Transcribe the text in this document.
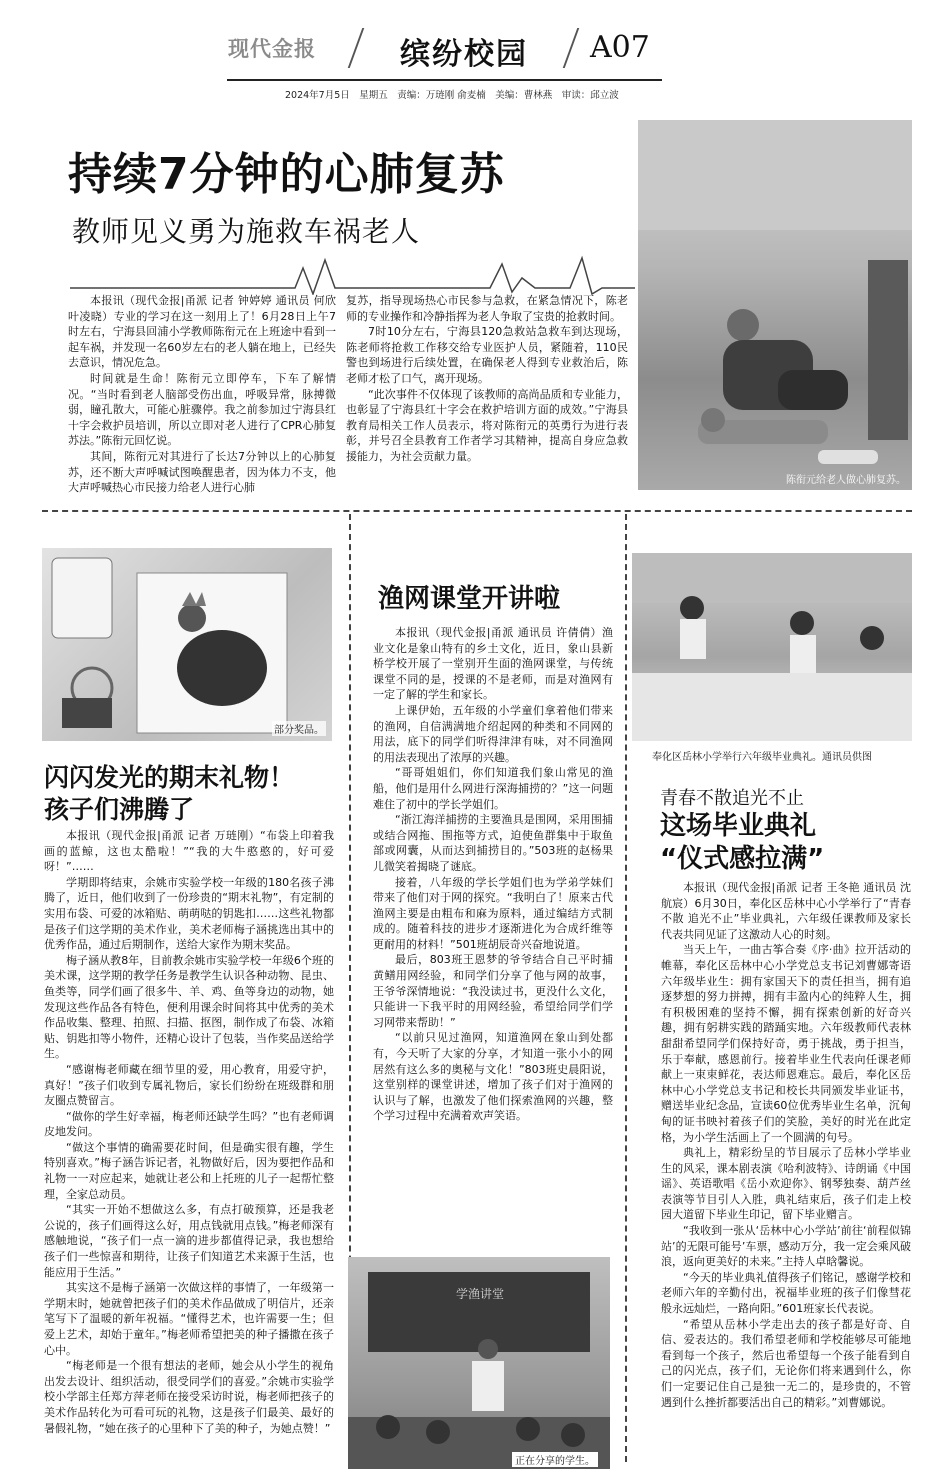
现代金报	缤纷校园 A07
2024年7月5日　星期五　责编：万琏刚 俞麦楠　美编：曹林燕　审读：邱立波
持续7分钟的心肺复苏
教师见义勇为施救车祸老人

本报讯（现代金报|甬派 记者 钟婷婷 通讯员 何欣 叶凌晓）专业的学习在这一刻用上了！6月28日上午7时左右，宁海县回浦小学教师陈衔元在上班途中看到一起车祸，并发现一名60岁左右的老人躺在地上，已经失去意识，情况危急。

时间就是生命！陈衔元立即停车，下车了解情况。“当时看到老人脑部受伤出血，呼吸异常，脉搏微弱，瞳孔散大，可能心脏骤停。我之前参加过宁海县红十字会救护员培训，所以立即对老人进行了CPR心肺复苏法。”陈衔元回忆说。

其间，陈衔元对其进行了长达7分钟以上的心肺复苏，还不断大声呼喊试图唤醒患者，因为体力不支，他大声呼喊热心市民接力给老人进行心肺

复苏，指导现场热心市民参与急救，在紧急情况下，陈老师的专业操作和冷静指挥为老人争取了宝贵的抢救时间。

7时10分左右，宁海县120急救站急救车到达现场，陈老师将抢救工作移交给专业医护人员，紧随着，110民警也到场进行后续处置，在确保老人得到专业救治后，陈老师才松了口气，离开现场。

“此次事件不仅体现了该教师的高尚品质和专业能力，也彰显了宁海县红十字会在救护培训方面的成效。”宁海县教育局相关工作人员表示，将对陈衔元的英勇行为进行表彰，并号召全县教育工作者学习其精神，提高自身应急救援能力，为社会贡献力量。

陈衔元给老人做心肺复苏。
部分奖品。
闪闪发光的期末礼物！
孩子们沸腾了

本报讯（现代金报|甬派 记者 万琏刚）“布袋上印着我画的蓝鲸，这也太酷啦！”“我的大牛憨憨的，好可爱呀！”……

学期即将结束，余姚市实验学校一年级的180名孩子沸腾了，近日，他们收到了一份珍贵的“期末礼物”，有定制的实用布袋、可爱的冰箱贴、萌萌哒的钥匙扣……这些礼物都是孩子们这学期的美术作业，美术老师梅子涵挑选出其中的优秀作品，通过后期制作，送给大家作为期末奖品。

梅子涵从教8年，目前教余姚市实验学校一年级6个班的美术课，这学期的教学任务是教学生认识各种动物、昆虫、鱼类等，同学们画了很多牛、羊、鸡、鱼等身边的动物，她发现这些作品各有特色，便利用课余时间将其中优秀的美术作品收集、整理、拍照、扫描、抠图，制作成了布袋、冰箱贴、钥匙扣等小物件，还精心设计了包装，当作奖品送给学生。

“感谢梅老师藏在细节里的爱，用心教育，用爱守护，真好！”孩子们收到专属礼物后，家长们纷纷在班级群和朋友圈点赞留言。

“做你的学生好幸福，梅老师还缺学生吗？”也有老师调皮地发问。

“做这个事情的确需要花时间，但是确实很有趣，学生特别喜欢。”梅子涵告诉记者，礼物做好后，因为要把作品和礼物一一对应起来，她就让老公和上托班的儿子一起帮忙整理，全家总动员。

“其实一开始不想做这么多，有点打破预算，还是我老公说的，孩子们画得这么好，用点钱就用点钱。”梅老师深有感触地说，“孩子们一点一滴的进步都值得记录，我也想给孩子们一些惊喜和期待，让孩子们知道艺术来源于生活，也能应用于生活。”

其实这不是梅子涵第一次做这样的事情了，一年级第一学期末时，她就曾把孩子们的美术作品做成了明信片，还亲笔写下了温暖的新年祝福。“懂得艺术，也许需要一生；但爱上艺术，却始于童年。”梅老师希望把美的种子播撒在孩子心中。

“梅老师是一个很有想法的老师，她会从小学生的视角出发去设计、组织活动，很受同学们的喜爱。”余姚市实验学校小学部主任郑方萍老师在接受采访时说，梅老师把孩子的美术作品转化为可看可玩的礼物，这是孩子们最美、最好的暑假礼物，“她在孩子的心里种下了美的种子，为她点赞！”

渔网课堂开讲啦

本报讯（现代金报|甬派 通讯员 许倩倩）渔业文化是象山特有的乡土文化，近日，象山县新桥学校开展了一堂别开生面的渔网课堂，与传统课堂不同的是，授课的不是老师，而是对渔网有一定了解的学生和家长。

上课伊始，五年级的小学童们拿着他们带来的渔网，自信满满地介绍起网的种类和不同网的用法，底下的同学们听得津津有味，对不同渔网的用法表现出了浓厚的兴趣。

“哥哥姐姐们，你们知道我们象山常见的渔船，他们是用什么网进行深海捕捞的？”这一问题难住了初中的学长学姐们。

“浙江海洋捕捞的主要渔具是围网，采用围捕或结合网拖、围拖等方式，迫使鱼群集中于取鱼部或网囊，从而达到捕捞目的。”503班的赵杨果儿微笑着揭晓了谜底。

接着，八年级的学长学姐们也为学弟学妹们带来了他们对于网的探究。“我明白了！原来古代渔网主要是由粗布和麻为原料，通过编结方式制成的。随着科技的进步才逐渐进化为合成纤维等更耐用的材料！”501班胡辰奇兴奋地说道。

最后，803班王恩梦的爷爷结合自己平时捕黄鳝用网经验，和同学们分享了他与网的故事，王爷爷深情地说：“我没读过书，更没什么文化，只能讲一下我平时的用网经验，希望给同学们学习网带来帮助！”

“以前只见过渔网，知道渔网在象山到处都有，今天听了大家的分享，才知道一张小小的网居然有这么多的奥秘与文化！”803班史晨阳说，这堂别样的课堂讲述，增加了孩子们对于渔网的认识与了解，也激发了他们探索渔网的兴趣，整个学习过程中充满着欢声笑语。

学渔讲堂
正在分享的学生。
奉化区岳林小学举行六年级毕业典礼。通讯员供图
青春不散追光不止
这场毕业典礼
“仪式感拉满”

本报讯（现代金报|甬派 记者 王冬艳 通讯员 沈航宸）6月30日，奉化区岳林中心小学举行了“青春不散 追光不止”毕业典礼，六年级任课教师及家长代表共同见证了这激动人心的时刻。

当天上午，一曲古筝合奏《序·曲》拉开活动的帷幕，奉化区岳林中心小学党总支书记刘曹娜寄语六年级毕业生：拥有家国天下的责任担当，拥有追逐梦想的努力拼搏，拥有丰盈内心的纯粹人生，拥有积极困难的坚持不懈，拥有探索创新的好奇兴趣，拥有躬耕实践的踏踊实地。六年级教师代表林甜甜希望同学们保持好奇，勇于挑战，勇于担当，乐于奉献，感恩前行。接着毕业生代表向任课老师献上一束束鲜花，表达师恩难忘。最后，奉化区岳林中心小学党总支书记和校长共同颁发毕业证书，赠送毕业纪念品，宣读60位优秀毕业生名单，沉甸甸的证书映衬着孩子们的笑脸，美好的时光在此定格，为小学生活画上了一个圆满的句号。

典礼上，精彩纷呈的节目展示了岳林小学毕业生的风采，课本剧表演《哈利波特》、诗朗诵《中国谣》、英语歌唱《岳小欢迎你》、钢琴独奏、葫芦丝表演等节目引人入胜，典礼结束后，孩子们走上校园大道留下毕业生印记，留下毕业赠言。

“我收到一张从‘岳林中心小学站’前往‘前程似锦站’的无限可能号’车票，感动万分，我一定会乘风破浪，返向更美好的未来。”主持人卓晗馨说。

“今天的毕业典礼值得孩子们铭记，感谢学校和老师六年的辛勤付出，祝福毕业班的孩子们像彗花般永远灿烂，一路向阳。”601班家长代表说。

“希望从岳林小学走出去的孩子都是好奇、自信、爱表达的。我们希望老师和学校能够尽可能地看到每一个孩子，然后也希望每一个孩子能看到自己的闪光点，孩子们，无论你们将来遇到什么，你们一定要记住自己是独一无二的，是珍贵的，不管遇到什么挫折都要活出自己的精彩。”刘曹娜说。
